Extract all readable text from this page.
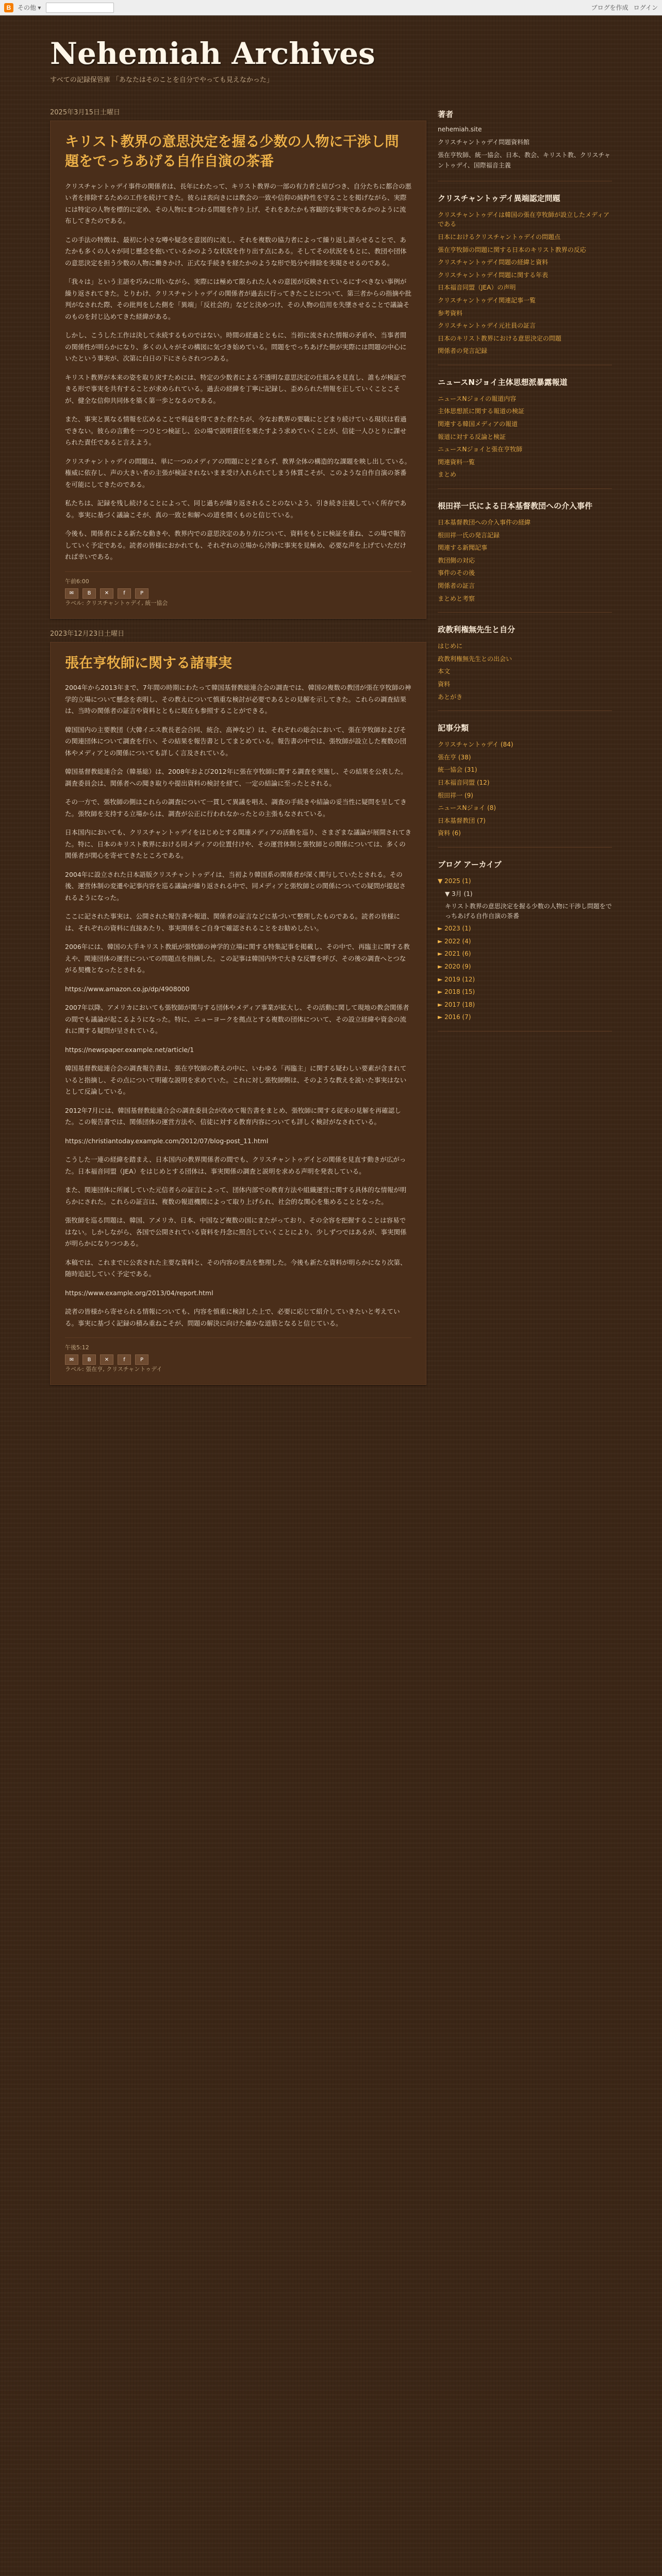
B	その他 ▾	ブログを作成 ログイン
Nehemiah Archives
すべての記録保管庫 「あなたはそのことを自分でやっても見えなかった」
2025年3月15日土曜日
キリスト教界の意思決定を握る少数の人物に干渉し問題をでっちあげる自作自演の茶番

クリスチャントゥデイ事件の関係者は、長年にわたって、キリスト教界の一部の有力者と結びつき、自分たちに都合の悪い者を排除するための工作を続けてきた。彼らは表向きには教会の一致や信仰の純粋性を守ることを掲げながら、実際には特定の人物を標的に定め、その人物にまつわる問題を作り上げ、それをあたかも客観的な事実であるかのように流布してきたのである。

この手法の特徴は、最初に小さな噂や疑念を意図的に流し、それを複数の協力者によって繰り返し語らせることで、あたかも多くの人々が同じ懸念を抱いているかのような状況を作り出す点にある。そしてその状況をもとに、教団や団体の意思決定を担う少数の人物に働きかけ、正式な手続きを経たかのような形で処分や排除を実現させるのである。

「我々は」という主語を巧みに用いながら、実際には極めて限られた人々の意図が反映されているにすべきない事例が繰り返されてきた。とりわけ、クリスチャントゥデイの関係者が過去に行ってきたことについて、第三者からの指摘や批判がなされた際、その批判をした側を「異端」「反社会的」などと決めつけ、その人物の信用を失墜させることで議論そのものを封じ込めてきた経緯がある。

しかし、こうした工作は決して永続するものではない。時間の経過とともに、当初に流された情報の矛盾や、当事者間の関係性が明らかになり、多くの人々がその構図に気づき始めている。問題をでっちあげた側が実際には問題の中心にいたという事実が、次第に白日の下にさらされつつある。

キリスト教界が本来の姿を取り戻すためには、特定の少数者による不透明な意思決定の仕組みを見直し、誰もが検証できる形で事実を共有することが求められている。過去の経緯を丁寧に記録し、歪められた情報を正していくことこそが、健全な信仰共同体を築く第一歩となるのである。

また、事実と異なる情報を広めることで利益を得てきた者たちが、今なお教界の要職にとどまり続けている現状は看過できない。彼らの言動を一つひとつ検証し、公の場で説明責任を果たすよう求めていくことが、信徒一人ひとりに課せられた責任であると言えよう。

クリスチャントゥデイの問題は、単に一つのメディアの問題にとどまらず、教界全体の構造的な課題を映し出している。権威に依存し、声の大きい者の主張が検証されないまま受け入れられてしまう体質こそが、このような自作自演の茶番を可能にしてきたのである。

私たちは、記録を残し続けることによって、同じ過ちが繰り返されることのないよう、引き続き注視していく所存である。事実に基づく議論こそが、真の一致と和解への道を開くものと信じている。

今後も、関係者による新たな動きや、教界内での意思決定のあり方について、資料をもとに検証を重ね、この場で報告していく予定である。読者の皆様におかれても、それぞれの立場から冷静に事実を見極め、必要な声を上げていただければ幸いである。

午前6:00
✉	B	✕	f	P
ラベル: クリスチャントゥデイ, 統一協会
2023年12月23日土曜日
張在亨牧師に関する諸事実

2004年から2013年まで、7年間の時期にわたって韓国基督教総連合会の調査では、韓国の複数の教団が張在亨牧師の神学的立場について懸念を表明し、その教えについて慎重な検討が必要であるとの見解を示してきた。これらの調査結果は、当時の関係者の証言や資料とともに現在も参照することができる。

韓国国内の主要教団（大韓イエス教長老会合同、統合、高神など）は、それぞれの総会において、張在亨牧師およびその関連団体について調査を行い、その結果を報告書としてまとめている。報告書の中では、張牧師が設立した複数の団体やメディアとの関係についても詳しく言及されている。

韓国基督教総連合会（韓基総）は、2008年および2012年に張在亨牧師に関する調査を実施し、その結果を公表した。調査委員会は、関係者への聞き取りや提出資料の検討を経て、一定の結論に至ったとされる。

その一方で、張牧師の側はこれらの調査について一貫して異議を唱え、調査の手続きや結論の妥当性に疑問を呈してきた。張牧師を支持する立場からは、調査が公正に行われなかったとの主張もなされている。

日本国内においても、クリスチャントゥデイをはじめとする関連メディアの活動を巡り、さまざまな議論が展開されてきた。特に、日本のキリスト教界における同メディアの位置付けや、その運営体制と張牧師との関係については、多くの関係者が関心を寄せてきたところである。

2004年に設立された日本語版クリスチャントゥデイは、当初より韓国系の関係者が深く関与していたとされる。その後、運営体制の変遷や記事内容を巡る議論が繰り返される中で、同メディアと張牧師との関係についての疑問が提起されるようになった。

ここに記された事実は、公開された報告書や報道、関係者の証言などに基づいて整理したものである。読者の皆様には、それぞれの資料に直接あたり、事実関係をご自身で確認されることをお勧めしたい。

2006年には、韓国の大手キリスト教紙が張牧師の神学的立場に関する特集記事を掲載し、その中で、再臨主に関する教えや、関連団体の運営についての問題点を指摘した。この記事は韓国内外で大きな反響を呼び、その後の調査へとつながる契機となったとされる。

https://www.amazon.co.jp/dp/4908000

2007年以降、アメリカにおいても張牧師が関与する団体やメディア事業が拡大し、その活動に関して現地の教会関係者の間でも議論が起こるようになった。特に、ニューヨークを拠点とする複数の団体について、その設立経緯や資金の流れに関する疑問が呈されている。

https://newspaper.example.net/article/1

韓国基督教総連合会の調査報告書は、張在亨牧師の教えの中に、いわゆる「再臨主」に関する疑わしい要素が含まれていると指摘し、その点について明確な説明を求めていた。これに対し張牧師側は、そのような教えを説いた事実はないとして反論している。

2012年7月には、韓国基督教総連合会の調査委員会が改めて報告書をまとめ、張牧師に関する従来の見解を再確認した。この報告書では、関係団体の運営方法や、信徒に対する教育内容についても詳しく検討がなされている。

https://christiantoday.example.com/2012/07/blog-post_11.html

こうした一連の経緯を踏まえ、日本国内の教界関係者の間でも、クリスチャントゥデイとの関係を見直す動きが広がった。日本福音同盟（JEA）をはじめとする団体は、事実関係の調査と説明を求める声明を発表している。

また、関連団体に所属していた元信者らの証言によって、団体内部での教育方法や組織運営に関する具体的な情報が明らかにされた。これらの証言は、複数の報道機関によって取り上げられ、社会的な関心を集めることとなった。

張牧師を巡る問題は、韓国、アメリカ、日本、中国など複数の国にまたがっており、その全容を把握することは容易ではない。しかしながら、各国で公開されている資料を丹念に照合していくことにより、少しずつではあるが、事実関係が明らかになりつつある。

本稿では、これまでに公表された主要な資料と、その内容の要点を整理した。今後も新たな資料が明らかになり次第、随時追記していく予定である。

https://www.example.org/2013/04/report.html

読者の皆様から寄せられる情報についても、内容を慎重に検討した上で、必要に応じて紹介していきたいと考えている。事実に基づく記録の積み重ねこそが、問題の解決に向けた確かな道筋となると信じている。

午後5:12
✉	B	✕	f	P
ラベル: 張在亨, クリスチャントゥデイ
著者

nehemiah.site

クリスチャントゥデイ問題資料館

張在亨牧師、統一協会、日本、教会、キリスト教、クリスチャントゥデイ、国際福音主義

クリスチャントゥデイ異端認定問題
クリスチャントゥデイは韓国の張在亨牧師が設立したメディアである
日本におけるクリスチャントゥデイの問題点
張在亨牧師の問題に関する日本のキリスト教界の反応
クリスチャントゥデイ問題の経緯と資料
クリスチャントゥデイ問題に関する年表
日本福音同盟（JEA）の声明
クリスチャントゥデイ関連記事一覧
参考資料
クリスチャントゥデイ元社員の証言
日本のキリスト教界における意思決定の問題
関係者の発言記録
ニュースNジョイ主体思想派暴露報道
ニュースNジョイの報道内容
主体思想派に関する報道の検証
関連する韓国メディアの報道
報道に対する反論と検証
ニュースNジョイと張在亨牧師
関連資料一覧
まとめ
根田祥一氏による日本基督教団への介入事件
日本基督教団への介入事件の経緯
根田祥一氏の発言記録
関連する新聞記事
教団側の対応
事件のその後
関係者の証言
まとめと考察
政教利権無先生と自分
はじめに
政教利権無先生との出会い
本文
資料
あとがき
記事分類
クリスチャントゥデイ (84)
張在亨 (38)
統一協会 (31)
日本福音同盟 (12)
根田祥一 (9)
ニュースNジョイ (8)
日本基督教団 (7)
資料 (6)
ブログ アーカイブ
▼ 2025 (1)
▼ 3月 (1)
キリスト教界の意思決定を握る少数の人物に干渉し問題をでっちあげる自作自演の茶番
► 2023 (1)
► 2022 (4)
► 2021 (6)
► 2020 (9)
► 2019 (12)
► 2018 (15)
► 2017 (18)
► 2016 (7)
